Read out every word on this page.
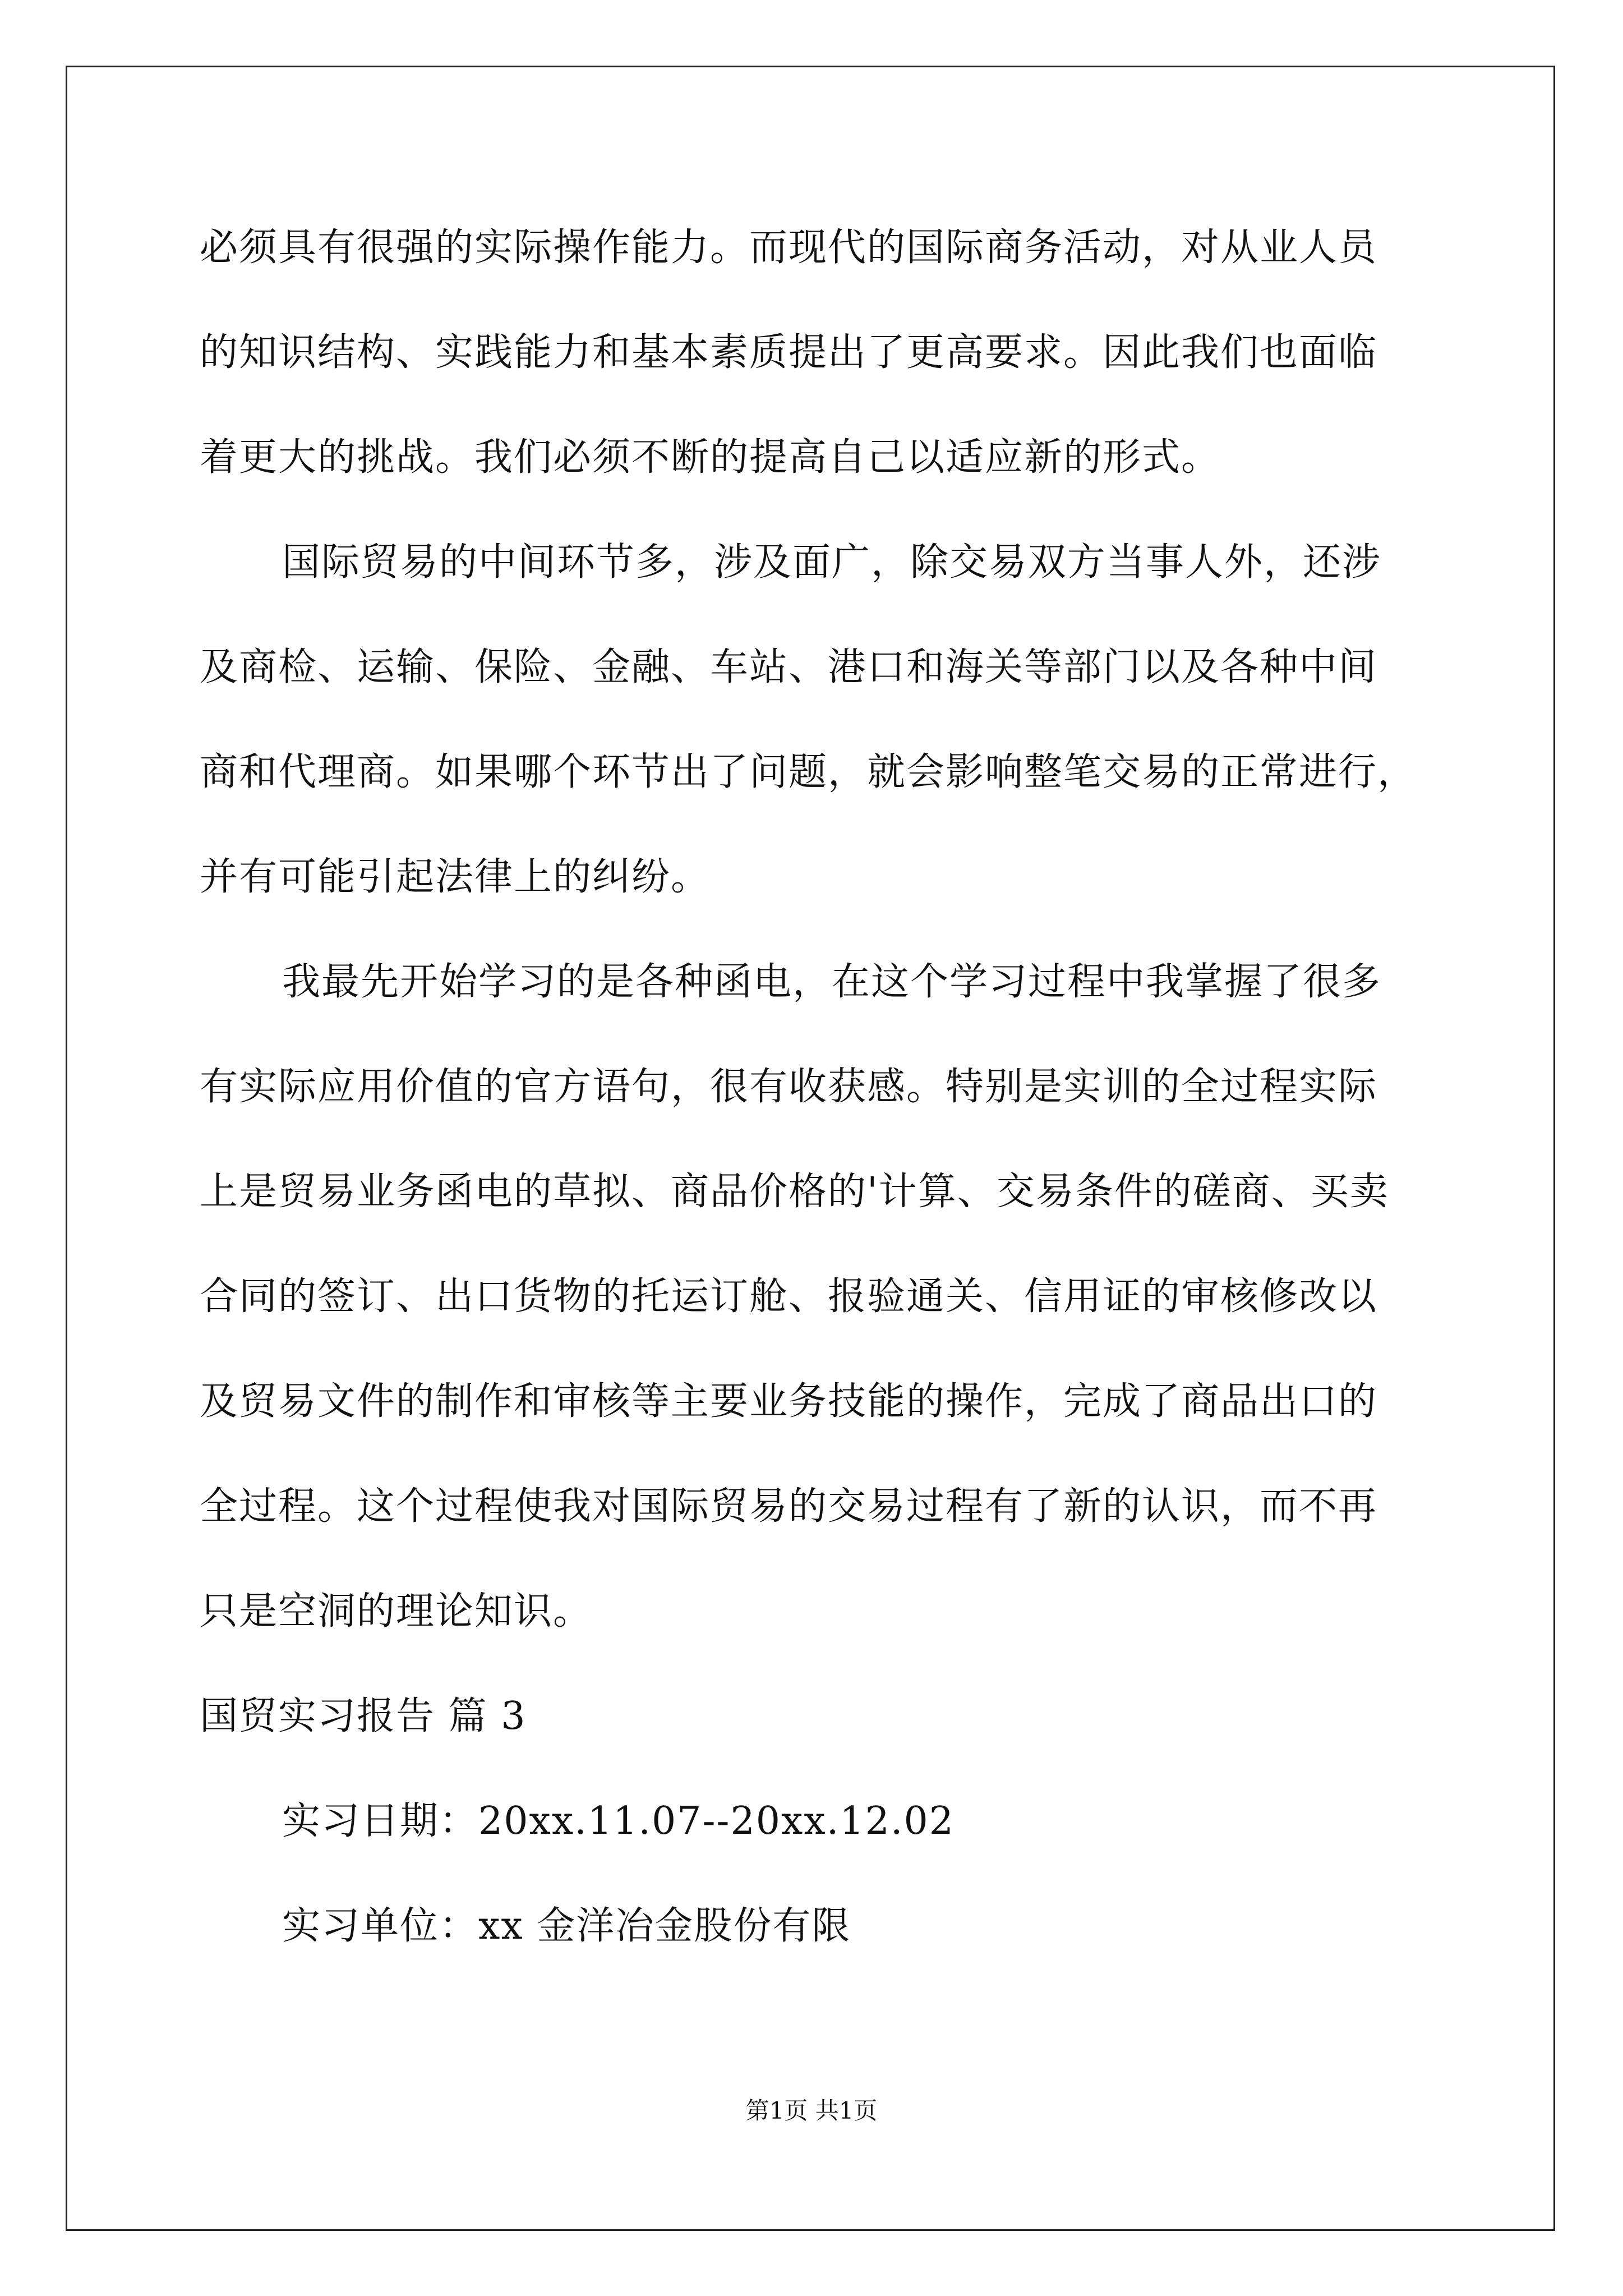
必须具有很强的实际操作能力。而现代的国际商务活动，对从业人员
的知识结构、实践能力和基本素质提出了更高要求。因此我们也面临
着更大的挑战。我们必须不断的提高自己以适应新的形式。
国际贸易的中间环节多，涉及面广，除交易双方当事人外，还涉
及商检、运输、保险、金融、车站、港口和海关等部门以及各种中间
商和代理商。如果哪个环节出了问题，就会影响整笔交易的正常进行，
并有可能引起法律上的纠纷。
我最先开始学习的是各种函电，在这个学习过程中我掌握了很多
有实际应用价值的官方语句，很有收获感。特别是实训的全过程实际
上是贸易业务函电的草拟、商品价格的'计算、交易条件的磋商、买卖
合同的签订、出口货物的托运订舱、报验通关、信用证的审核修改以
及贸易文件的制作和审核等主要业务技能的操作，完成了商品出口的
全过程。这个过程使我对国际贸易的交易过程有了新的认识，而不再
只是空洞的理论知识。
国贸实习报告 篇 3
实习日期：20xx.11.07--20xx.12.02
实习单位：xx 金洋冶金股份有限
第1页 共1页
